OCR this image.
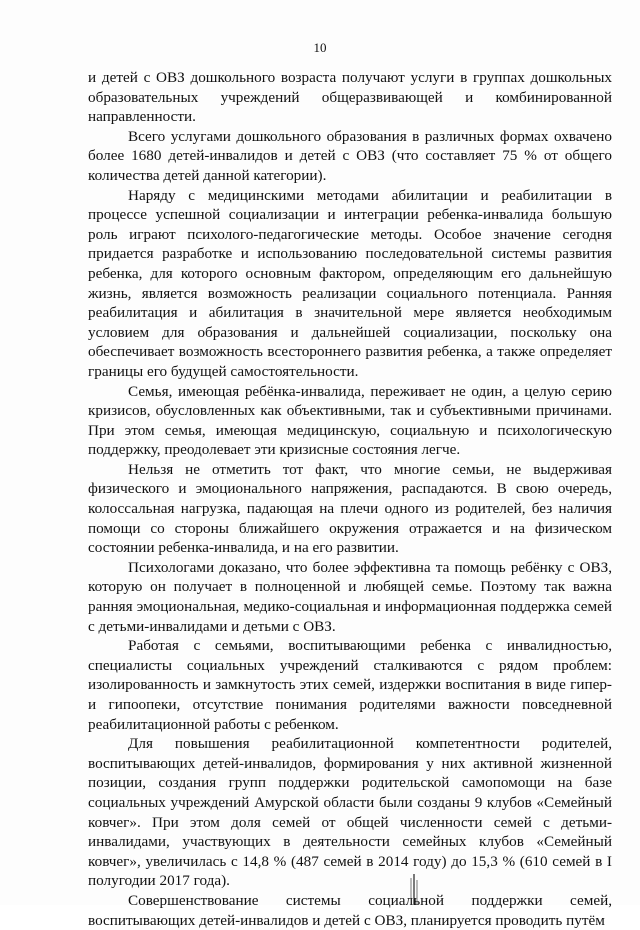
10

и детей с ОВЗ дошкольного возраста получают услуги в группах дошкольных образовательных учреждений общеразвивающей и комбинированной направленности.

Всего услугами дошкольного образования в различных формах охвачено более 1680 детей-инвалидов и детей с ОВЗ (что составляет 75 % от общего количества детей данной категории).

Наряду с медицинскими методами абилитации и реабилитации в процессе успешной социализации и интеграции ребенка-инвалида большую роль играют психолого-педагогические методы. Особое значение сегодня придается разработке и использованию последовательной системы развития ребенка, для которого основным фактором, определяющим его дальнейшую жизнь, является возможность реализации социального потенциала. Ранняя реабилитация и абилитация в значительной мере является необходимым условием для образования и дальнейшей социализации, поскольку она обеспечивает возможность всестороннего развития ребенка, а также определяет границы его будущей самостоятельности.

Семья, имеющая ребёнка-инвалида, переживает не один, а целую серию кризисов, обусловленных как объективными, так и субъективными причинами. При этом семья, имеющая медицинскую, социальную и психологическую поддержку, преодолевает эти кризисные состояния легче.

Нельзя не отметить тот факт, что многие семьи, не выдерживая физического и эмоционального напряжения, распадаются. В свою очередь, колоссальная нагрузка, падающая на плечи одного из родителей, без наличия помощи со стороны ближайшего окружения отражается и на физическом состоянии ребенка-инвалида, и на его развитии.

Психологами доказано, что более эффективна та помощь ребёнку с ОВЗ, которую он получает в полноценной и любящей семье. Поэтому так важна ранняя эмоциональная, медико-социальная и информационная поддержка семей с детьми-инвалидами и детьми с ОВЗ.

Работая с семьями, воспитывающими ребенка с инвалидностью, специалисты социальных учреждений сталкиваются с рядом проблем: изолированность и замкнутость этих семей, издержки воспитания в виде гипер- и гипоопеки, отсутствие понимания родителями важности повседневной реабилитационной работы с ребенком.

Для повышения реабилитационной компетентности родителей, воспитывающих детей-инвалидов, формирования у них активной жизненной позиции, создания групп поддержки родительской самопомощи на базе социальных учреждений Амурской области были созданы 9 клубов «Семейный ковчег». При этом доля семей от общей численности семей с детьми-инвалидами, участвующих в деятельности семейных клубов «Семейный ковчег», увеличилась с 14,8 % (487 семей в 2014 году) до 15,3 % (610 семей в I полугодии 2017 года).

Совершенствование системы социальной поддержки семей, воспитывающих детей-инвалидов и детей с ОВЗ, планируется проводить путём
